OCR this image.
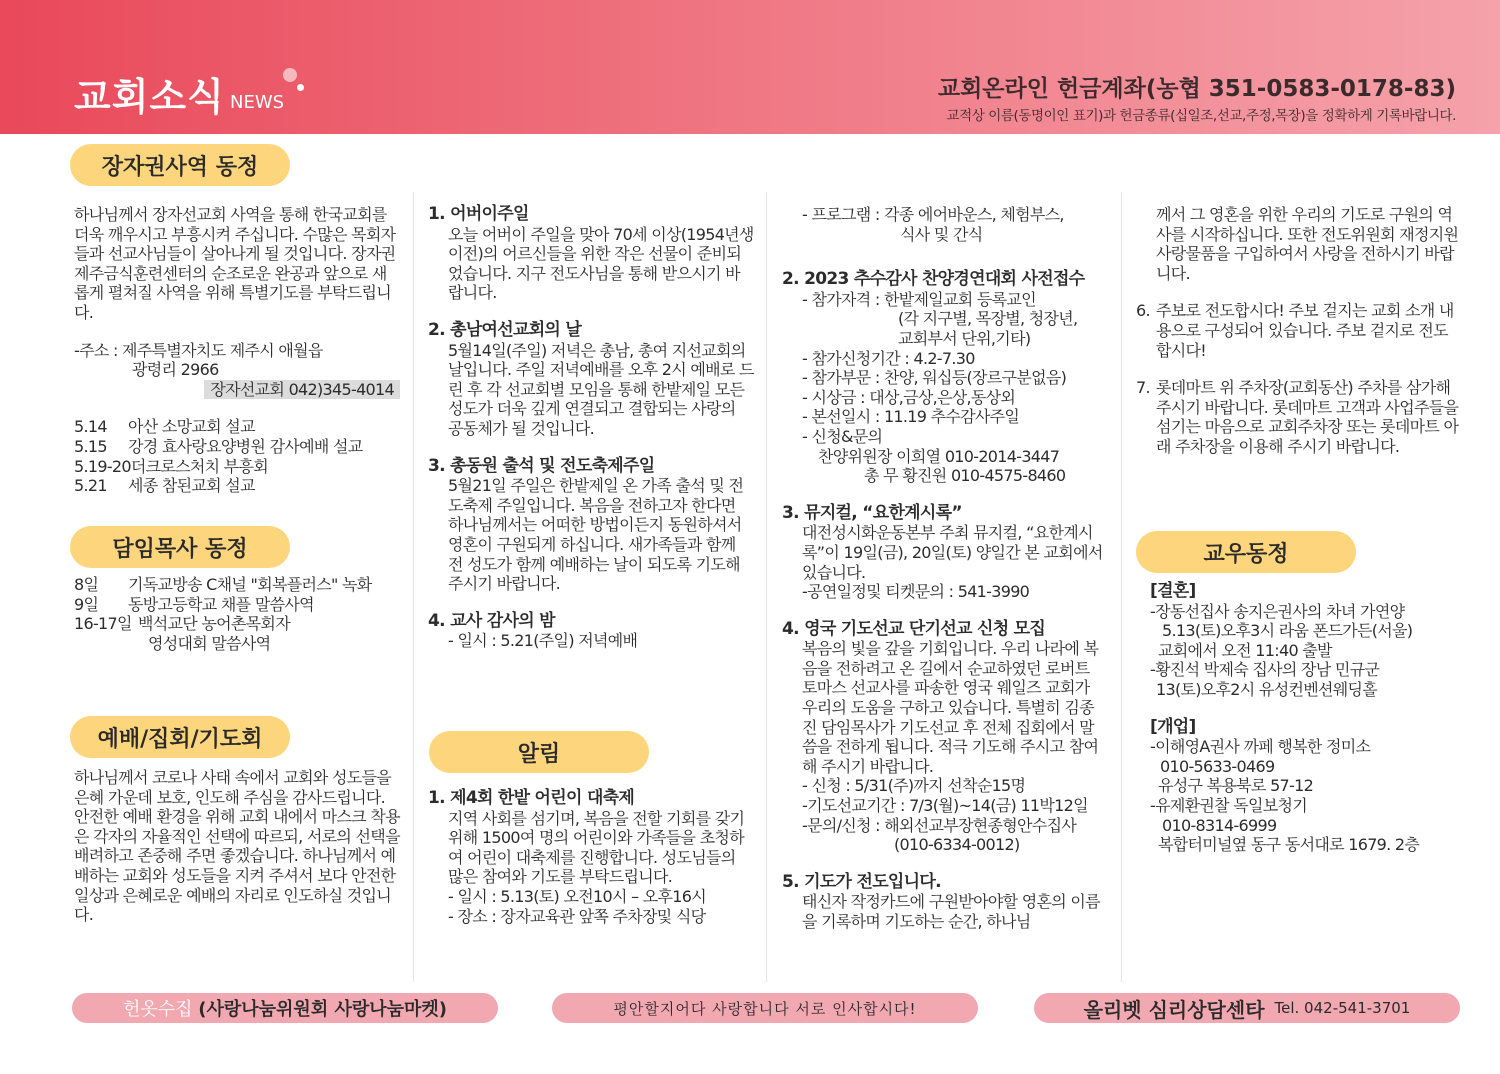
교회소식 NEWS
교회온라인 헌금계좌(농협 351-0583-0178-83)
교적상 이름(동명이인 표기)과 헌금종류(십일조,선교,주정,목장)을 정확하게 기록바랍니다.
장자권사역 동정
담임목사 동정
예배/집회/기도회
알림
교우동정

하나님께서 장자선교회 사역을 통해 한국교회를 더욱 깨우시고 부흥시켜 주십니다. 수많은 목회자들과 선교사님들이 살아나게 될 것입니다. 장자권 제주금식훈련센터의 순조로운 완공과 앞으로 새롭게 펼쳐질 사역을 위해 특별기도를 부탁드립니다.

-주소 : 제주특별자치도 제주시 애월읍

광령리 2966

장자선교회 042)345-4014

5.14	아산 소망교회 설교
5.15	강경 효사랑요양병원 감사예배 설교
5.19-20 더크로스처치 부흥회
5.21	세종 참된교회 설교
8일	기독교방송 C채널 "회복플러스" 녹화
9일	동방고등학교 채플 말씀사역
16-17일 백석교단 농어촌목회자

영성대회 말씀사역

하나님께서 코로나 사태 속에서 교회와 성도들을 은혜 가운데 보호, 인도해 주심을 감사드립니다. 안전한 예배 환경을 위해 교회 내에서 마스크 착용은 각자의 자율적인 선택에 따르되, 서로의 선택을 배려하고 존중해 주면 좋겠습니다. 하나님께서 예배하는 교회와 성도들을 지켜 주셔서 보다 안전한 일상과 은혜로운 예배의 자리로 인도하실 것입니다.

1. 어버이주일

오늘 어버이 주일을 맞아 70세 이상(1954년생 이전)의 어르신들을 위한 작은 선물이 준비되었습니다. 지구 전도사님을 통해 받으시기 바랍니다.

2. 총남여선교회의 날

5월14일(주일) 저녁은 총남, 총여 지선교회의 날입니다. 주일 저녁예배를 오후 2시 예배로 드린 후 각 선교회별 모임을 통해 한밭제일 모든 성도가 더욱 깊게 연결되고 결합되는 사랑의 공동체가 될 것입니다.

3. 총동원 출석 및 전도축제주일

5월21일 주일은 한밭제일 온 가족 출석 및 전도축제 주일입니다. 복음을 전하고자 한다면 하나님께서는 어떠한 방법이든지 동원하셔서 영혼이 구원되게 하십니다. 새가족들과 함께 전 성도가 함께 예배하는 날이 되도록 기도해 주시기 바랍니다.

4. 교사 감사의 밤

- 일시 : 5.21(주일) 저녁예배

1. 제4회 한밭 어린이 대축제

지역 사회를 섬기며, 복음을 전할 기회를 갖기 위해 1500여 명의 어린이와 가족들을 초청하여 어린이 대축제를 진행합니다. 성도님들의 많은 참여와 기도를 부탁드립니다.

- 일시 : 5.13(토) 오전10시 – 오후16시

- 장소 : 장자교육관 앞쪽 주차장및 식당

- 프로그램 : 각종 에어바운스, 체험부스,

식사 및 간식

2. 2023 추수감사 찬양경연대회 사전접수

- 참가자격 : 한밭제일교회 등록교인

(각 지구별, 목장별, 청장년,

교회부서 단위,기타)

- 참가신청기간 : 4.2-7.30

- 참가부문 : 찬양, 워십등(장르구분없음)

- 시상금 : 대상,금상,은상,동상외

- 본선일시 : 11.19 추수감사주일

- 신청&문의

찬양위원장 이희열 010-2014-3447

총 무 황진원 010-4575-8460

3. 뮤지컬, “요한계시록”

대전성시화운동본부 주최 뮤지컬, “요한계시록”이 19일(금), 20일(토) 양일간 본 교회에서 있습니다.

-공연일정및 티켓문의 : 541-3990

4. 영국 기도선교 단기선교 신청 모집

복음의 빛을 갚을 기회입니다. 우리 나라에 복음을 전하려고 온 길에서 순교하였던 로버트 토마스 선교사를 파송한 영국 웨일즈 교회가 우리의 도움을 구하고 있습니다. 특별히 김종진 담임목사가 기도선교 후 전체 집회에서 말씀을 전하게 됩니다. 적극 기도해 주시고 참여해 주시기 바랍니다.

- 신청 : 5/31(주)까지 선착순15명

-기도선교기간 : 7/3(월)~14(금) 11박12일

-문의/신청 : 해외선교부장현종형안수집사

(010-6334-0012)

5. 기도가 전도입니다.

태신자 작정카드에 구원받아야할 영혼의 이름을 기록하며 기도하는 순간, 하나님

께서 그 영혼을 위한 우리의 기도로 구원의 역사를 시작하십니다. 또한 전도위원회 재정지원 사랑물품을 구입하여서 사랑을 전하시기 바랍니다.

6. 주보로 전도합시다! 주보 겉지는 교회 소개 내용으로 구성되어 있습니다. 주보 겉지로 전도합시다!
7. 롯데마트 위 주차장(교회동산) 주차를 삼가해 주시기 바랍니다. 롯데마트 고객과 사업주들을 섬기는 마음으로 교회주차장 또는 롯데마트 아래 주차장을 이용해 주시기 바랍니다.

[결혼]

-장동선집사 송지은권사의 차녀 가연양

5.13(토)오후3시 라움 폰드가든(서울)

교회에서 오전 11:40 출발

-황진석 박제숙 집사의 장남 민규군

13(토)오후2시 유성컨벤션웨딩홀

[개업]

-이해영A권사 까페 행복한 정미소

010-5633-0469

유성구 복용북로 57-12

-유제환권찰 독일보청기

010-8314-6999

복합터미널옆 동구 동서대로 1679. 2층

헌옷수집
(사랑나눔위원회 사랑나눔마켓)	평안할지어다 사랑합니다 서로 인사합시다!	올리벳 심리상담센타 Tel. 042-541-3701
